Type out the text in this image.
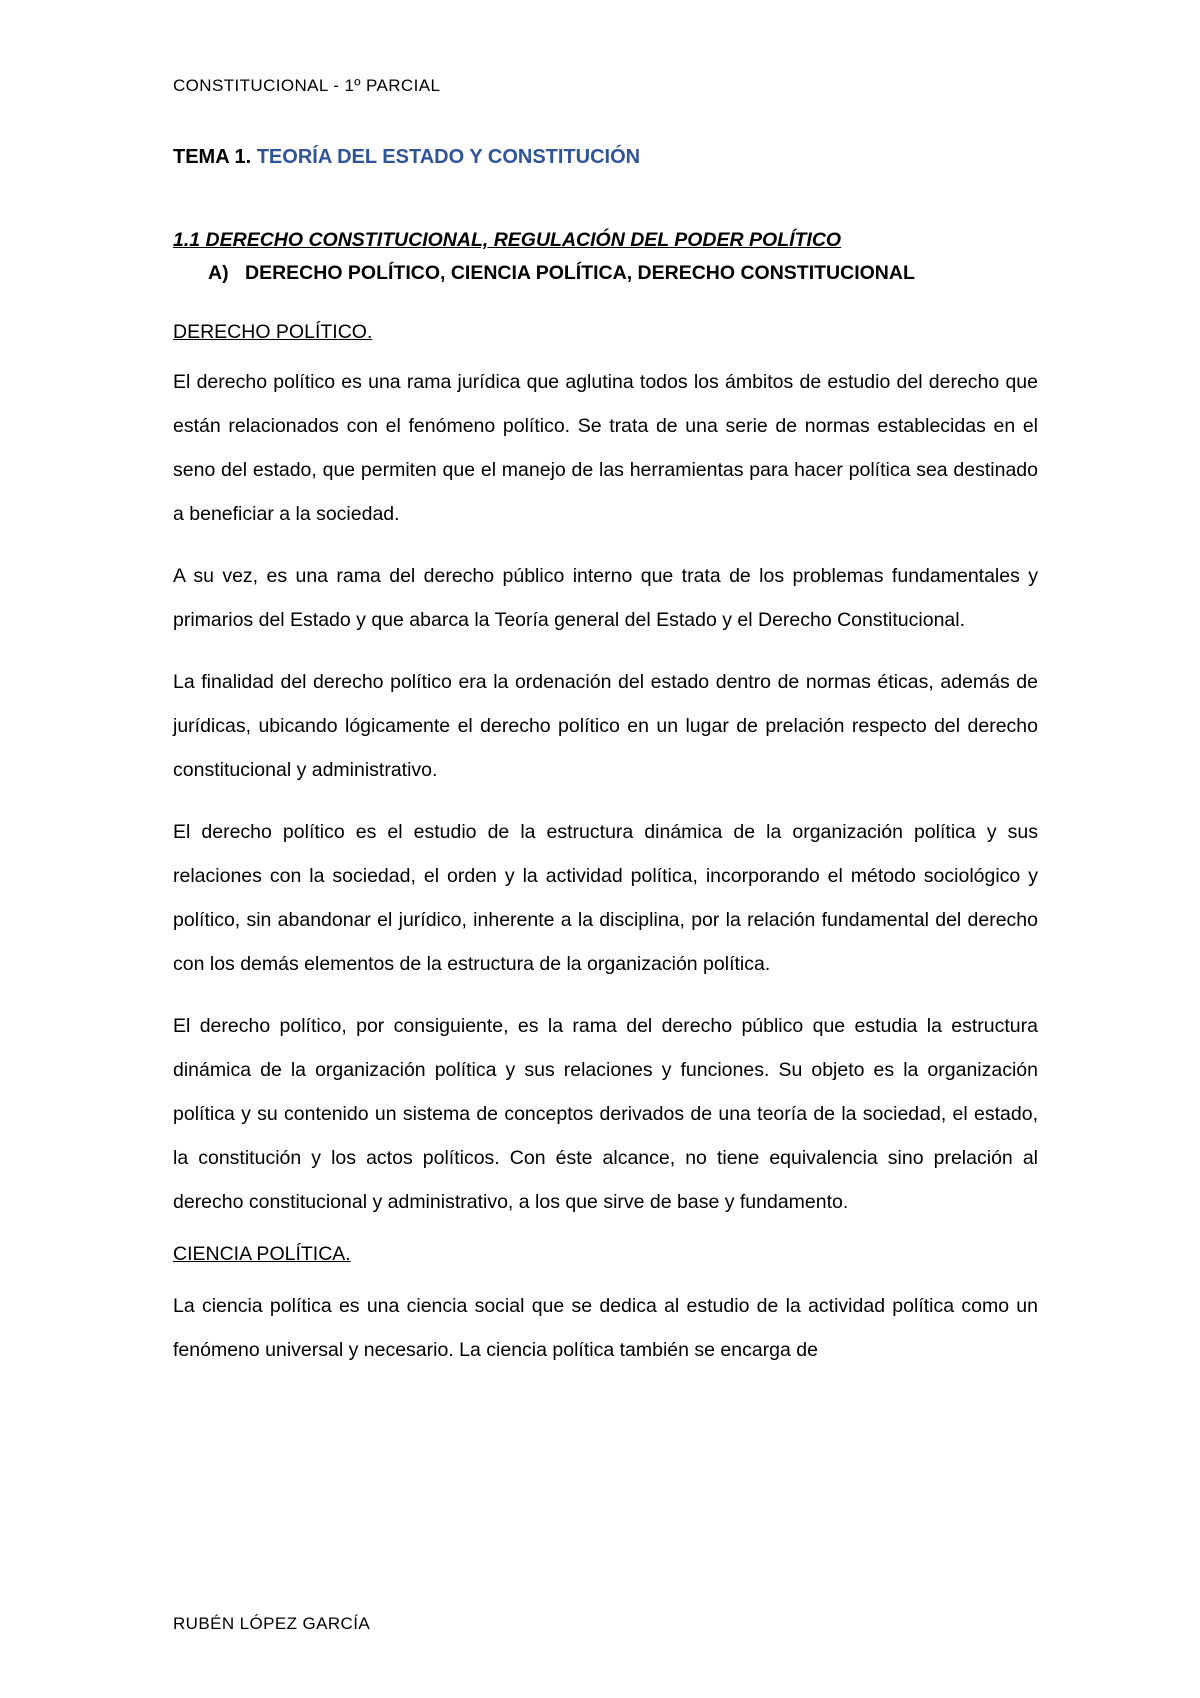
CONSTITUCIONAL - 1º PARCIAL
TEMA 1. TEORÍA DEL ESTADO Y CONSTITUCIÓN
1.1 DERECHO CONSTITUCIONAL, REGULACIÓN DEL PODER POLÍTICO
A) DERECHO POLÍTICO, CIENCIA POLÍTICA, DERECHO CONSTITUCIONAL
DERECHO POLÍTICO.

El derecho político es una rama jurídica que aglutina todos los ámbitos de estudio del derecho que están relacionados con el fenómeno político. Se trata de una serie de normas establecidas en el seno del estado, que permiten que el manejo de las herramientas para hacer política sea destinado a beneficiar a la sociedad.

A su vez, es una rama del derecho público interno que trata de los problemas fundamentales y primarios del Estado y que abarca la Teoría general del Estado y el Derecho Constitucional.

La finalidad del derecho político era la ordenación del estado dentro de normas éticas, además de jurídicas, ubicando lógicamente el derecho político en un lugar de prelación respecto del derecho constitucional y administrativo.

El derecho político es el estudio de la estructura dinámica de la organización política y sus relaciones con la sociedad, el orden y la actividad política, incorporando el método sociológico y político, sin abandonar el jurídico, inherente a la disciplina, por la relación fundamental del derecho con los demás elementos de la estructura de la organización política.

El derecho político, por consiguiente, es la rama del derecho público que estudia la estructura dinámica de la organización política y sus relaciones y funciones. Su objeto es la organización política y su contenido un sistema de conceptos derivados de una teoría de la sociedad, el estado, la constitución y los actos políticos. Con éste alcance, no tiene equivalencia sino prelación al derecho constitucional y administrativo, a los que sirve de base y fundamento.

CIENCIA POLÍTICA.

La ciencia política es una ciencia social que se dedica al estudio de la actividad política como un fenómeno universal y necesario. La ciencia política también se encarga de

RUBÉN LÓPEZ GARCÍA
